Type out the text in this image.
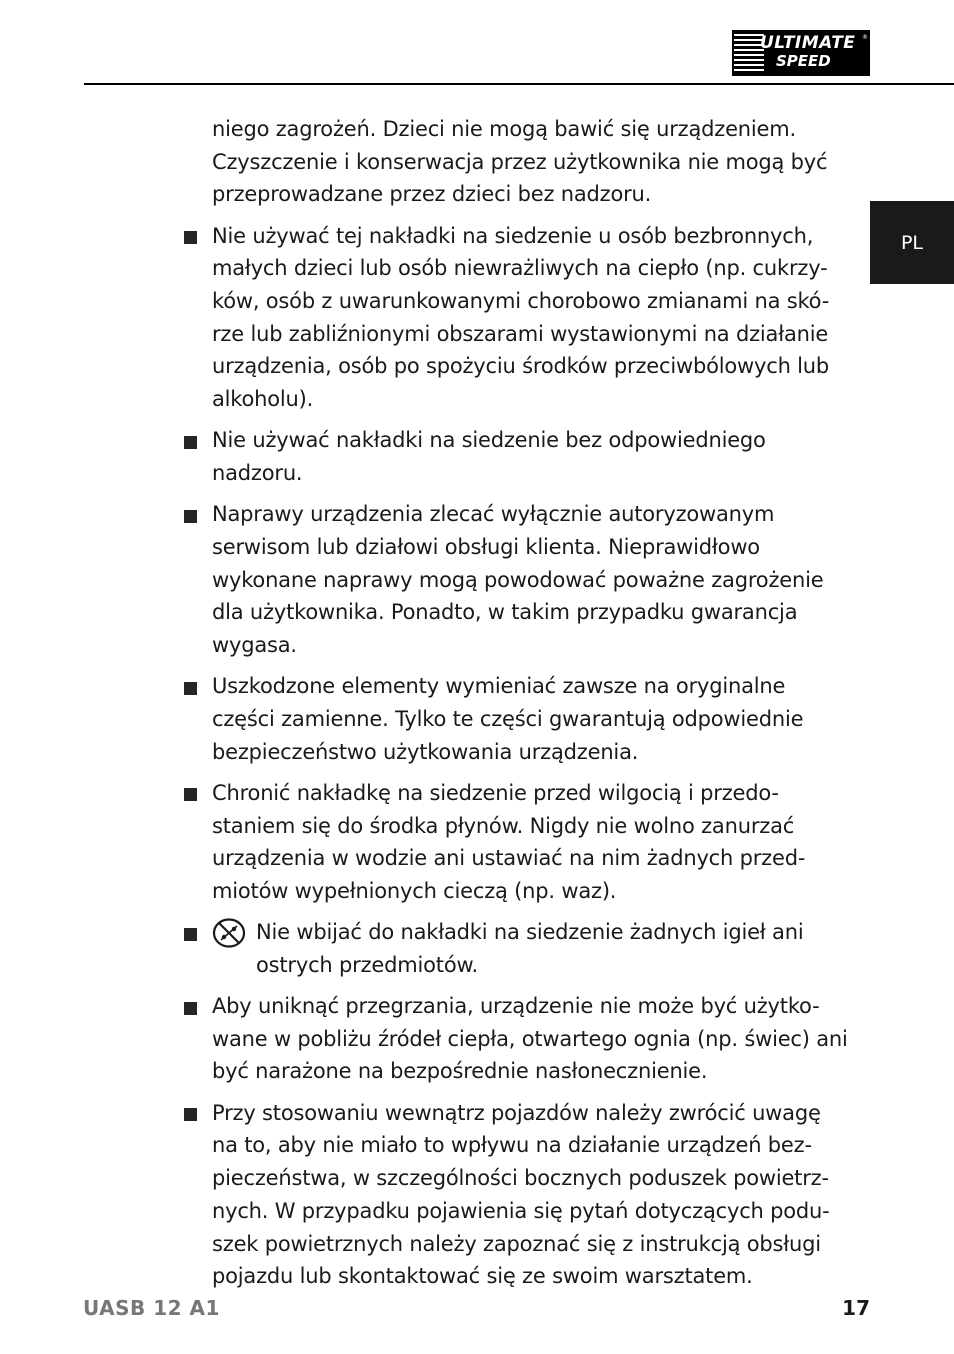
ULTIMATE
SPEED
®
PL

niego zagrożeń. Dzieci nie mogą bawić się urządzeniem. Czyszczenie i konserwacja przez użytkownika nie mogą być przeprowadzane przez dzieci bez nadzoru.

Nie używać tej nakładki na siedzenie u osób bezbronnych, małych dzieci lub osób niewrażliwych na ciepło (np. cukrzy-ków, osób z uwarunkowanymi chorobowo zmianami na skó-rze lub zabliźnionymi obszarami wystawionymi na działanie urządzenia, osób po spożyciu środków przeciwbólowych lub alkoholu).

Nie używać nakładki na siedzenie bez odpowiedniego nadzoru.

Naprawy urządzenia zlecać wyłącznie autoryzowanym serwisom lub działowi obsługi klienta. Nieprawidłowo wykonane naprawy mogą powodować poważne zagrożenie dla użytkownika. Ponadto, w takim przypadku gwarancja wygasa.

Uszkodzone elementy wymieniać zawsze na oryginalne części zamienne. Tylko te części gwarantują odpowiednie bezpieczeństwo użytkowania urządzenia.

Chronić nakładkę na siedzenie przed wilgocią i przedo-staniem się do środka płynów. Nigdy nie wolno zanurzać urządzenia w wodzie ani ustawiać na nim żadnych przed-miotów wypełnionych cieczą (np. waz).

Nie wbijać do nakładki na siedzenie żadnych igieł ani ostrych przedmiotów.

Aby uniknąć przegrzania, urządzenie nie może być użytko-wane w pobliżu źródeł ciepła, otwartego ognia (np. świec) ani być narażone na bezpośrednie nasłonecznienie.

Przy stosowaniu wewnątrz pojazdów należy zwrócić uwagę na to, aby nie miało to wpływu na działanie urządzeń bez-pieczeństwa, w szczególności bocznych poduszek powietrz-nych. W przypadku pojawienia się pytań dotyczących podu-szek powietrznych należy zapoznać się z instrukcją obsługi pojazdu lub skontaktować się ze swoim warsztatem.

UASB 12 A1	17
